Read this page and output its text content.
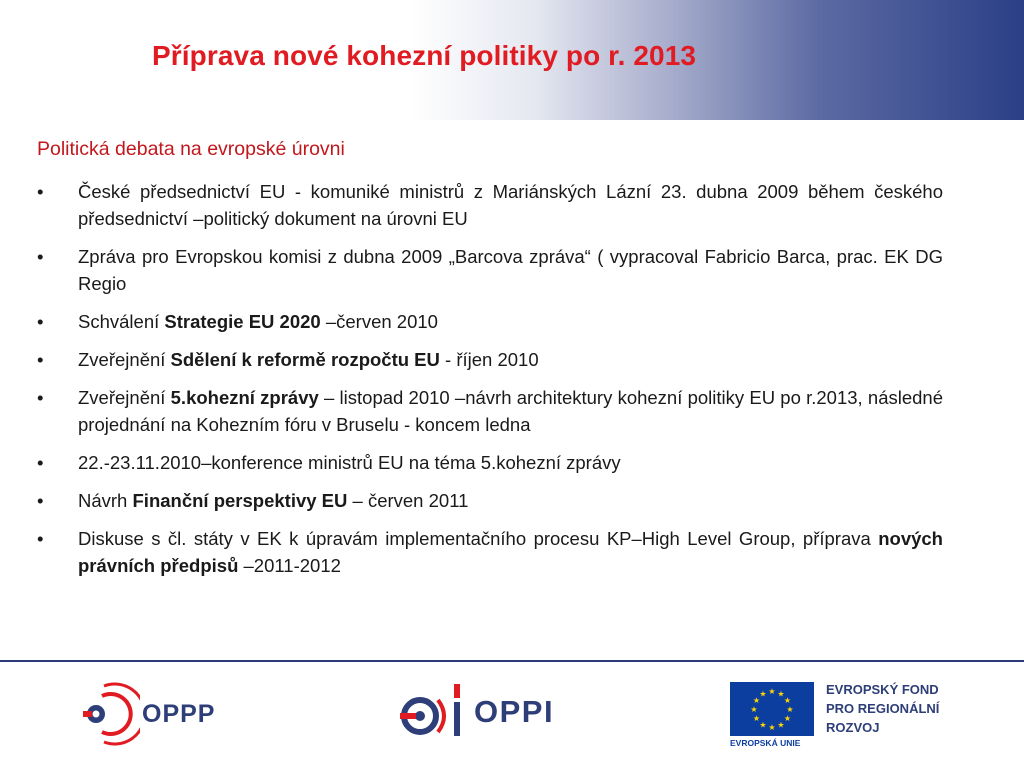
Příprava nové kohezní politiky po r. 2013
Politická debata na evropské úrovni
• České předsednictví EU - komuniké ministrů z Mariánských Lázní 23. dubna 2009 během českého předsednictví –politický dokument na úrovni EU
• Zpráva pro Evropskou komisi z dubna 2009 „Barcova zpráva“ ( vypracoval Fabricio Barca, prac. EK DG Regio
• Schválení Strategie EU 2020 –červen 2010
• Zveřejnění Sdělení k reformě rozpočtu EU - říjen 2010
• Zveřejnění 5.kohezní zprávy – listopad 2010 –návrh architektury kohezní politiky EU po r.2013, následné projednání na Kohezním fóru v Bruselu - koncem ledna
• 22.-23.11.2010–konference ministrů EU na téma 5.kohezní zprávy
• Návrh Finanční perspektivy EU – červen 2011
• Diskuse s čl. státy v EK k úpravám implementačního procesu KP–High Level Group, příprava nových právních předpisů –2011-2012
OPPP	OPPI
★ ★
★
★
★
★
★
★
★
★
★
★
EVROPSKÁ UNIE
EVROPSKÝ FOND
PRO REGIONÁLNÍ
ROZVOJ
